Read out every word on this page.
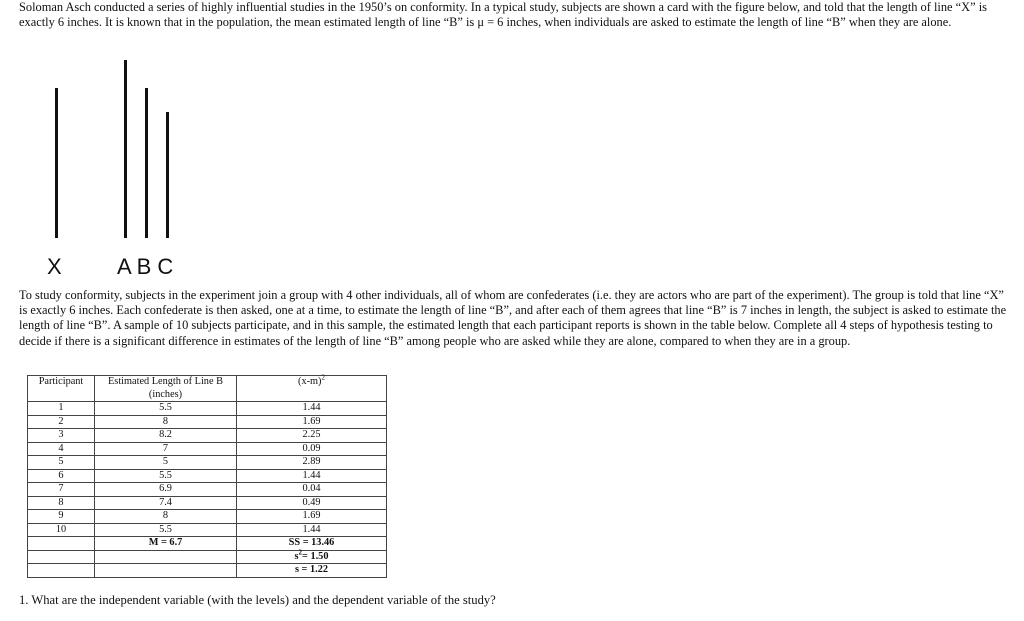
Soloman Asch conducted a series of highly influential studies in the 1950’s on conformity. In a typical study, subjects are shown a card with the figure below, and told that the length of line “X” is exactly 6 inches. It is known that in the population, the mean estimated length of line “B” is μ = 6 inches, when individuals are asked to estimate the length of line “B” when they are alone.

X	A B C

To study conformity, subjects in the experiment join a group with 4 other individuals, all of whom are confederates (i.e. they are actors who are part of the experiment). The group is told that line “X” is exactly 6 inches. Each confederate is then asked, one at a time, to estimate the length of line “B”, and after each of them agrees that line “B” is 7 inches in length, the subject is asked to estimate the length of line “B”. A sample of 10 subjects participate, and in this sample, the estimated length that each participant reports is shown in the table below. Complete all 4 steps of hypothesis testing to decide if there is a significant difference in estimates of the length of line “B” among people who are asked while they are alone, compared to when they are in a group.

Participant	Estimated Length of Line B (inches)	$(x-m)^2$
1	5.5	1.44
2	8	1.69
3	8.2	2.25
4	7	0.09
5	5	2.89
6	5.5	1.44
7	6.9	0.04
8	7.4	0.49
9	8	1.69
10	5.5	1.44
	M = 6.7	SS = 13.46
		$s^2= 1.50$
		s = 1.22

1. What are the independent variable (with the levels) and the dependent variable of the study?
